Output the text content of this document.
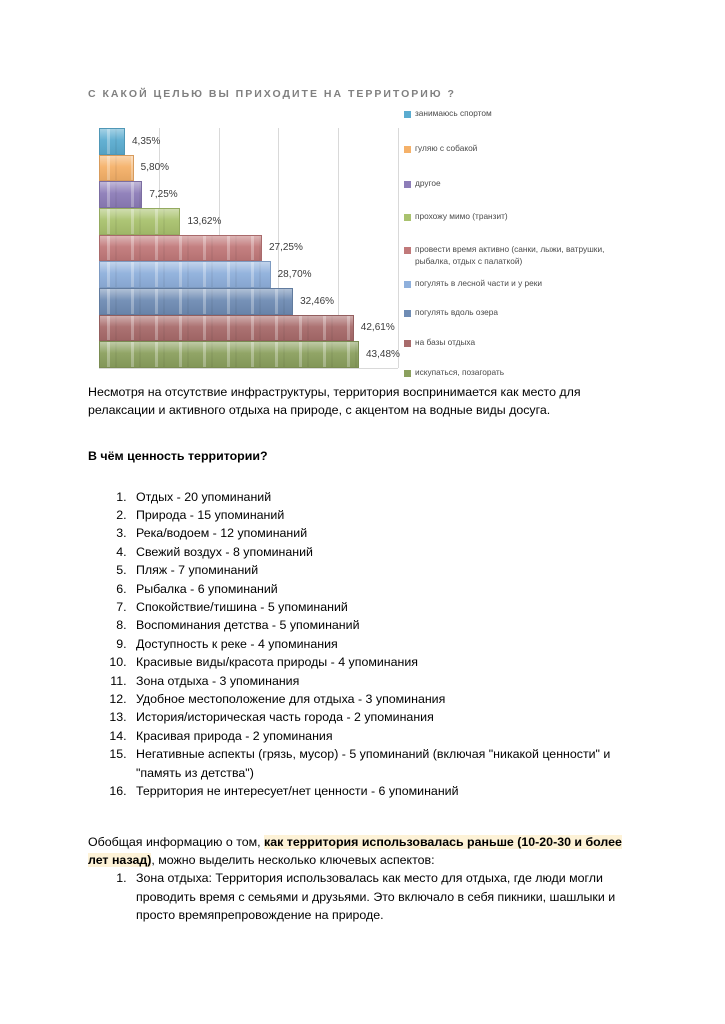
С КАКОЙ ЦЕЛЬЮ ВЫ ПРИХОДИТЕ НА ТЕРРИТОРИЮ ?
4,35%
5,80%
7,25%
13,62%
27,25%
28,70%
32,46%
42,61%
43,48%
занимаюсь спортом
гуляю с собакой
другое
прохожу мимо (транзит)
провести время активно (санки, лыжи, ватрушки, рыбалка, отдых с палаткой)
погулять в лесной части и у реки
погулять вдоль озера
на базы отдыха
искупаться, позагорать

Несмотря на отсутствие инфраструктуры, территория воспринимается как место для релаксации и активного отдыха на природе, с акцентом на водные виды досуга.

В чём ценность территории?

1. Отдых - 20 упоминаний
2. Природа - 15 упоминаний
3. Река/водоем - 12 упоминаний
4. Свежий воздух - 8 упоминаний
5. Пляж - 7 упоминаний
6. Рыбалка - 6 упоминаний
7. Спокойствие/тишина - 5 упоминаний
8. Воспоминания детства - 5 упоминаний
9. Доступность к реке - 4 упоминания
10. Красивые виды/красота природы - 4 упоминания
11. Зона отдыха - 3 упоминания
12. Удобное местоположение для отдыха - 3 упоминания
13. История/историческая часть города - 2 упоминания
14. Красивая природа - 2 упоминания
15. Негативные аспекты (грязь, мусор) - 5 упоминаний (включая "никакой ценности" и "память из детства")
16. Территория не интересует/нет ценности - 6 упоминаний

Обобщая информацию о том, как территория использовалась раньше (10-20-30 и более лет назад), можно выделить несколько ключевых аспектов:

1. Зона отдыха: Территория использовалась как место для отдыха, где люди могли проводить время с семьями и друзьями. Это включало в себя пикники, шашлыки и просто времяпрепровождение на природе.
